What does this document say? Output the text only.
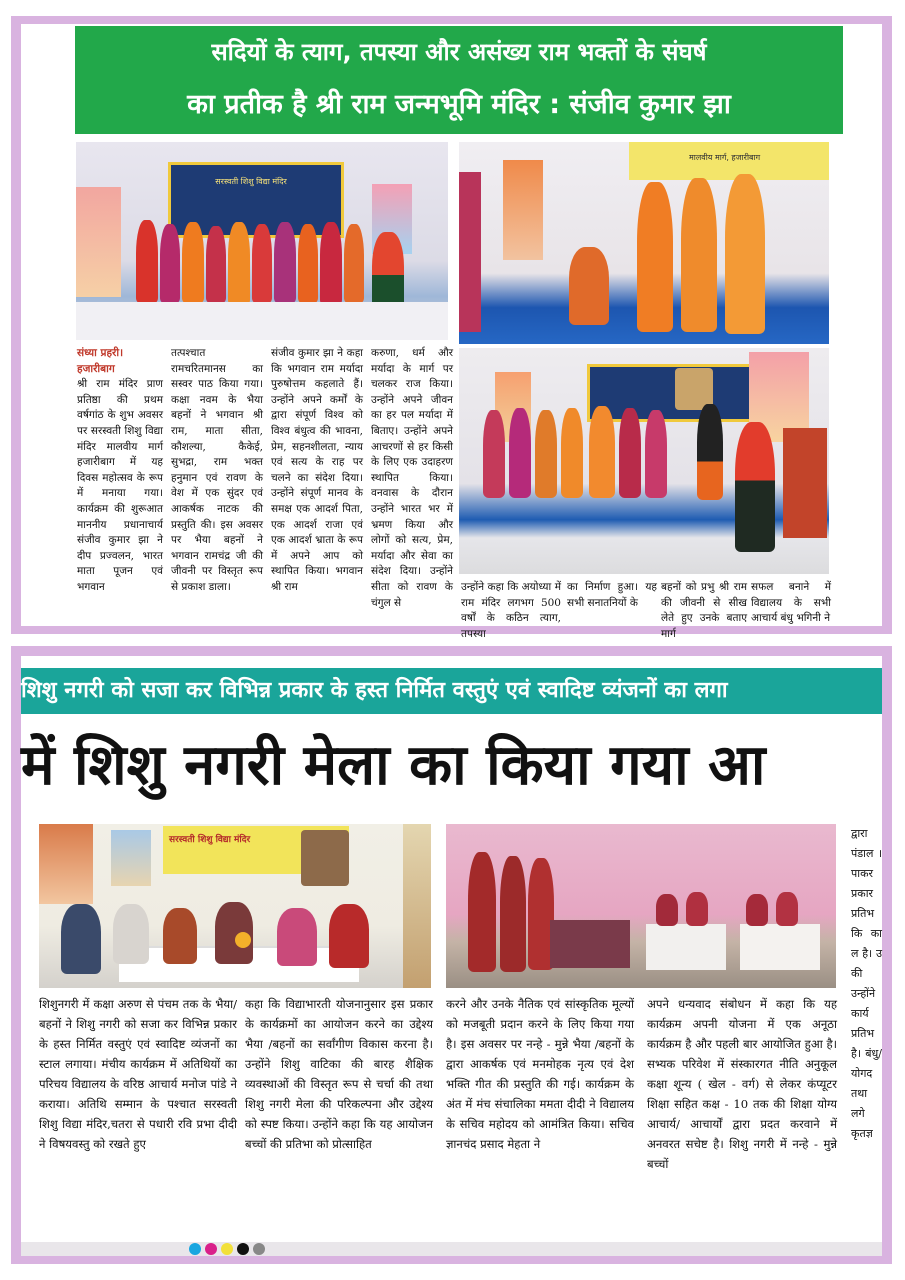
सदियों के त्याग, तपस्या और असंख्य राम भक्तों के संघर्ष
का प्रतीक है श्री राम जन्मभूमि मंदिर : संजीव कुमार झा
सरस्वती शिशु विद्या मंदिर
मालवीय मार्ग, हजारीबाग
संध्या प्रहरी।
हजारीबाग
श्री राम मंदिर प्राण प्रतिष्ठा की प्रथम वर्षगांठ के शुभ अवसर पर सरस्वती शिशु विद्या मंदिर मालवीय मार्ग हजारीबाग में यह दिवस महोत्सव के रूप में मनाया गया। कार्यक्रम की शुरूआत माननीय प्रधानाचार्य संजीव कुमार झा ने दीप प्रज्वलन, भारत माता पूजन एवं भगवान
तत्पश्चात रामचरितमानस का सस्वर पाठ किया गया। कक्षा नवम के भैया बहनों ने भगवान श्री राम, माता सीता, कौशल्या, कैकेई, सुभद्रा, राम भक्त हनुमान एवं रावण के वेश में एक सुंदर एवं आकर्षक नाटक की प्रस्तुति की। इस अवसर पर भैया बहनों ने भगवान रामचंद्र जी की जीवनी पर विस्तृत रूप से प्रकाश डाला।
संजीव कुमार झा ने कहा कि भगवान राम मर्यादा पुरुषोत्तम कहलाते हैं। उन्होंने अपने कर्मों के द्वारा संपूर्ण विश्व को विश्व बंधुत्व की भावना, प्रेम, सहनशीलता, न्याय एवं सत्य के राह पर चलने का संदेश दिया। उन्होंने संपूर्ण मानव के समक्ष एक आदर्श पिता, एक आदर्श राजा एवं एक आदर्श भ्राता के रूप में अपने आप को स्थापित किया। भगवान श्री राम
करुणा, धर्म और मर्यादा के मार्ग पर चलकर राज किया। उन्होंने अपने जीवन का हर पल मर्यादा में बिताए। उन्होंने अपने आचरणों से हर किसी के लिए एक उदाहरण स्थापित किया। वनवास के दौरान उन्होंने भारत भर में भ्रमण किया और लोगों को सत्य, प्रेम, मर्यादा और सेवा का संदेश दिया। उन्होंने सीता को रावण के चंगुल से
उन्होंने कहा कि अयोध्या में राम मंदिर लगभग 500 वर्षों के कठिन त्याग, तपस्या
का निर्माण हुआ। यह सभी सनातनियों के
बहनों को प्रभु श्री राम की जीवनी से सीख लेते हुए उनके बताए मार्ग
सफल बनाने में विद्यालय के सभी आचार्य बंधु भगिनी ने
शिशु नगरी को सजा कर विभिन्न प्रकार के हस्त निर्मित वस्तुएं एवं स्वादिष्ट व्यंजनों का लगा
में शिशु नगरी मेला का किया गया आ
सरस्वती शिशु विद्या मंदिर
शिशुनगरी में कक्षा अरुण से पंचम तक के भैया/बहनों ने शिशु नगरी को सजा कर विभिन्न प्रकार के हस्त निर्मित वस्तुएं एवं स्वादिष्ट व्यंजनों का स्टाल लगाया। मंचीय कार्यक्रम में अतिथियों का परिचय विद्यालय के वरिष्ठ आचार्य मनोज पांडे ने कराया। अतिथि सम्मान के पश्चात सरस्वती शिशु विद्या मंदिर,चतरा से पधारी रवि प्रभा दीदी ने विषयवस्तु को रखते हुए
कहा कि विद्याभारती योजनानुसार इस प्रकार के कार्यक्रमों का आयोजन करने का उद्देश्य भैया /बहनों का सर्वांगीण विकास करना है। उन्होंने शिशु वाटिका की बारह शैक्षिक व्यवस्थाओं की विस्तृत रूप से चर्चा की तथा शिशु नगरी मेला की परिकल्पना और उद्देश्य को स्पष्ट किया। उन्होंने कहा कि यह आयोजन बच्चों की प्रतिभा को प्रोत्साहित
करने और उनके नैतिक एवं सांस्कृतिक मूल्यों को मजबूती प्रदान करने के लिए किया गया है। इस अवसर पर नन्हे - मुन्ने भैया /बहनों के द्वारा आकर्षक एवं मनमोहक नृत्य एवं देश भक्ति गीत की प्रस्तुति की गई। कार्यक्रम के अंत में मंच संचालिका ममता दीदी ने विद्यालय के सचिव महोदय को आमंत्रित किया। सचिव ज्ञानचंद प्रसाद मेहता ने
अपने धन्यवाद संबोधन में कहा कि यह कार्यक्रम अपनी योजना में एक अनूठा कार्यक्रम है और पहली बार आयोजित हुआ है। सभ्यक परिवेश में संस्कारगत नीति अनुकूल कक्षा शून्य ( खेल - वर्ग) से लेकर कंप्यूटर शिक्षा सहित कक्ष - 10 तक की शिक्षा योग्य आचार्य/ आचार्यों द्वारा प्रदत करवाने में अनवरत सचेष्ट है। शिशु नगरी में नन्हे - मुन्ने बच्चों
द्वारा पंडाल । पाकर प्रकार प्रतिभ कि का ल है। उ की उन्होंने कार्य प्रतिभ है। बंधु/ योगद तथा लगे कृतज्ञ
